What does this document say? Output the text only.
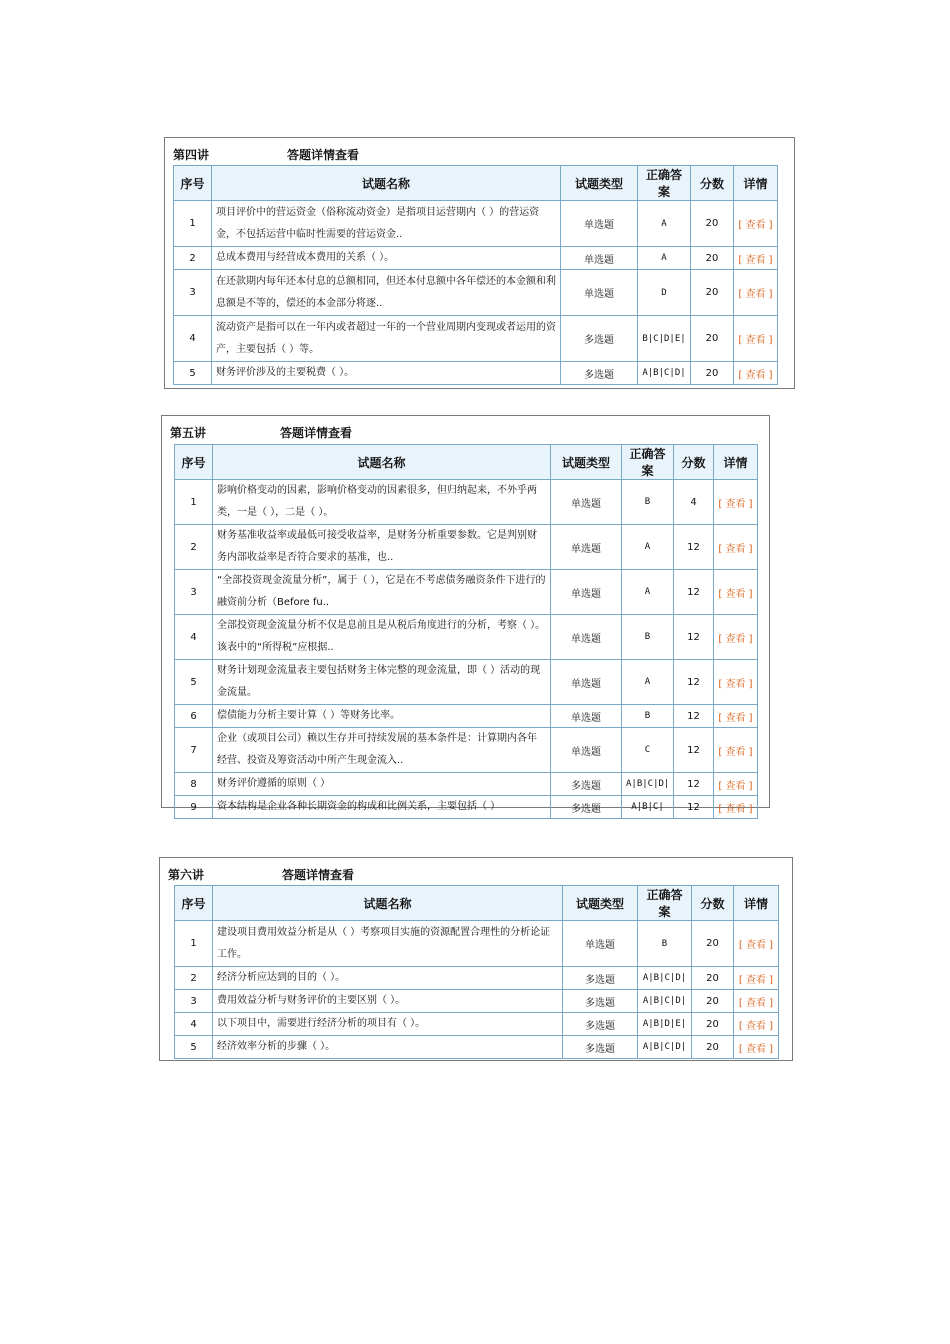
第四讲	答题详情查看
序号	试题名称	试题类型	正确答案	分数	详情
1	项目评价中的营运资金（俗称流动资金）是指项目运营期内（ ）的营运资金，不包括运营中临时性需要的营运资金..	单选题	A	20	[ 查看 ]
2	总成本费用与经营成本费用的关系（ ）。	单选题	A	20	[ 查看 ]
3	在还款期内每年还本付息的总额相同，但还本付息额中各年偿还的本金额和利息额是不等的，偿还的本金部分将逐..	单选题	D	20	[ 查看 ]
4	流动资产是指可以在一年内或者超过一年的一个营业周期内变现或者运用的资产，主要包括（ ）等。	多选题	B|C|D|E|	20	[ 查看 ]
5	财务评价涉及的主要税费（ ）。	多选题	A|B|C|D|	20	[ 查看 ]
第五讲	答题详情查看
序号	试题名称	试题类型	正确答案	分数	详情
1	影响价格变动的因素，影响价格变动的因素很多，但归纳起来，不外乎两类，一是（ ），二是（ ）。	单选题	B	4	[ 查看 ]
2	财务基准收益率或最低可接受收益率，是财务分析重要参数。它是判别财务内部收益率是否符合要求的基准，也..	单选题	A	12	[ 查看 ]
3	“全部投资现金流量分析”，属于（ ），它是在不考虑债务融资条件下进行的融资前分析（Before fu..	单选题	A	12	[ 查看 ]
4	全部投资现金流量分析不仅是息前且是从税后角度进行的分析，考察（ ）。该表中的“所得税”应根据..	单选题	B	12	[ 查看 ]
5	财务计划现金流量表主要包括财务主体完整的现金流量，即（ ）活动的现金流量。	单选题	A	12	[ 查看 ]
6	偿债能力分析主要计算（ ）等财务比率。	单选题	B	12	[ 查看 ]
7	企业（或项目公司）赖以生存并可持续发展的基本条件是：计算期内各年经营、投资及筹资活动中所产生现金流入..	单选题	C	12	[ 查看 ]
8	财务评价遵循的原则（ ）	多选题	A|B|C|D|	12	[ 查看 ]
9	资本结构是企业各种长期资金的构成和比例关系，主要包括（ ）	多选题	A|B|C|	12	[ 查看 ]
第六讲	答题详情查看
序号	试题名称	试题类型	正确答案	分数	详情
1	建设项目费用效益分析是从（ ）考察项目实施的资源配置合理性的分析论证工作。	单选题	B	20	[ 查看 ]
2	经济分析应达到的目的（ ）。	多选题	A|B|C|D|	20	[ 查看 ]
3	费用效益分析与财务评价的主要区别（ ）。	多选题	A|B|C|D|	20	[ 查看 ]
4	以下项目中，需要进行经济分析的项目有（ ）。	多选题	A|B|D|E|	20	[ 查看 ]
5	经济效率分析的步骤（ ）。	多选题	A|B|C|D|	20	[ 查看 ]
